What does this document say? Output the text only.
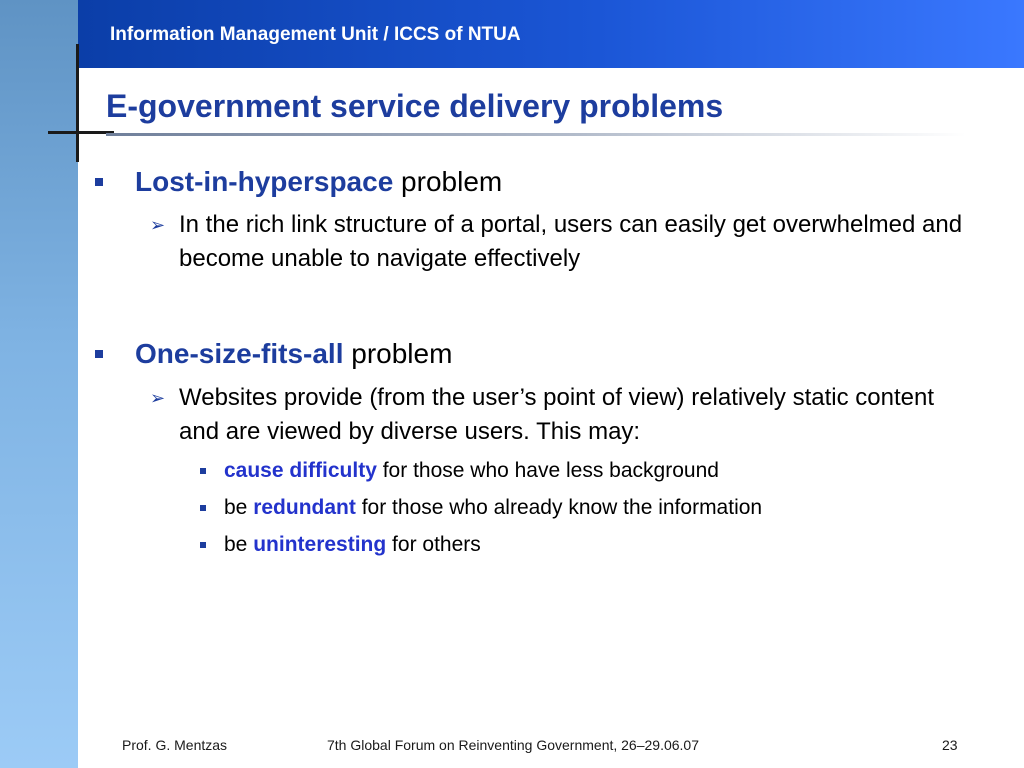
Information Management Unit / ICCS of NTUA
E-government service delivery problems
Lost-in-hyperspace problem
➢ In the rich link structure of a portal, users can easily get overwhelmed and become unable to navigate effectively
One-size-fits-all problem
➢ Websites provide (from the user’s point of view) relatively static content and are viewed by diverse users. This may:
cause difficulty for those who have less background
be redundant for those who already know the information
be uninteresting for others
Prof. G. Mentzas	7th Global Forum on Reinventing Government, 26–29.06.07	23
